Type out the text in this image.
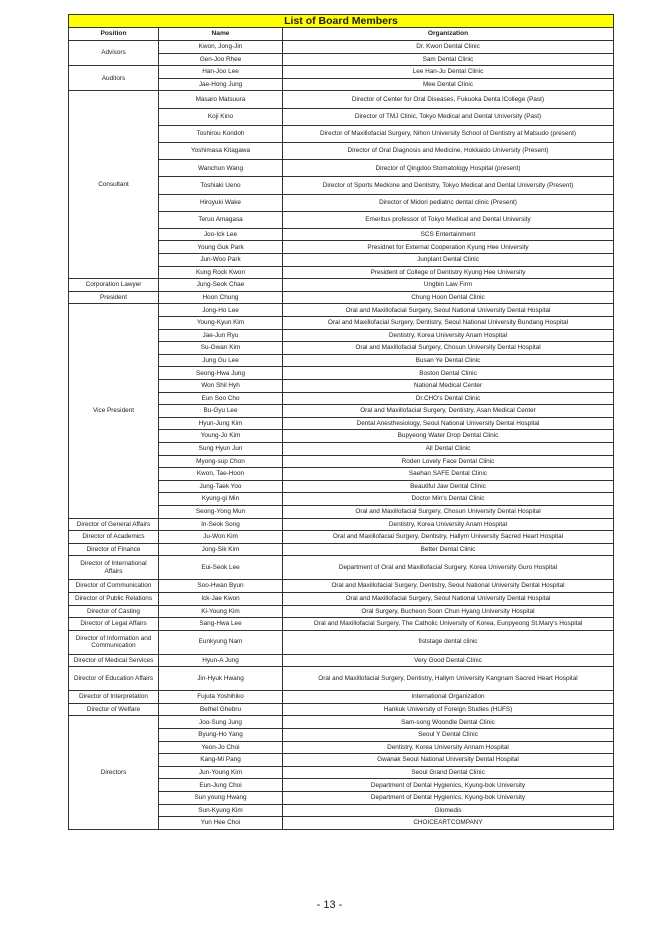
List of Board Members		
Position	Name	Organization
Advisors	Kwon, Jong-Jin	Dr. Kwon Dental Clinic
	Gen-Joo Rhee	Sam Dental Clinic
Auditors	Han-Joo Lee	Lee Han-Ju Dental Clinic
	Jae-Hong Jung	Mee Dental Clinic
Consultant	Masaro Matsuura	Director of Center for Oral Diseases, Fukuoka Denta lCollege (Past)
	Koji Kino	Director of TMJ Clinic, Tokyo Medical and Dental University (Past)
	Toshirou Kondoh	Director of Maxillofacial Surgery, Nihon University School of Dentistry at Matsudo (present)
	Yoshimasa Kitagawa	Director of Oral Diagnosis and Medicine, Hokkaido University (Present)
	Wanchun Wang	Director of Qingdoo Stomatology Hospital (present)
	Toshiaki Ueno	Director of Sports Medicine and Dentistry, Tokyo Medical and Dental University (Present)
	Hiroyuki Wake	Director of Midori pediatric dental clinic (Present)
	Teruo Amagasa	Emeritus professor of Tokyo Medical and Dental University
	Joo-Ick Lee	SCS Entertainment
	Young Guk Park	Presidnet for External Cooperation Kyung Hee University
	Jun-Woo Park	Junplant Dental Clinic
	Kung Rock Kwon	President of College of Dentistry Kyung Hee University
Corporation Lawyer	Jung-Seok Chae	Ungbin Law Firm
President	Hoon Chung	Chung Hoon Dental Clinic
Vice President	Jong-Ho Lee	Oral and Maxillofacial Surgery, Seoul National University Dental Hospital
	Young-Kyun Kim	Oral and Maxillofacial Surgery, Dentistry, Seoul National University Bundang Hospital
	Jae-Jun Ryu	Dentistry, Korea University Anam Hospital
	Su-Gwan Kim	Oral and Maxillofacial Surgery, Chosun University Dental Hospital
	Jung Gu Lee	Busan Ye Dental Clinic
	Seong-Hwa Jung	Boston Dental Clinic
	Won Shil Hyh	National Medical Center
	Eun Soo Cho	Dr.CHO's Dental Clinic
	Bu-Gyu Lee	Oral and Maxillofacial Surgery, Dentistry, Asan Medical Center
	Hyun-Jung Kim	Dental Anesthesiology, Seoul National University Dental Hospital
	Young-Jo Kim	Bupyeong Water Drop Dental Clinic
	Sung Hyun Jun	All Dental Clinic
	Myong-sup Chon	Roden Lovely Face Dental Clinic
	Kwon, Tae-Hoon	Saehan SAFE Dental Clinic
	Jung-Taek Yoo	Beautiful Jaw Dental Clinic
	Kyung-gi Min	Doctor Min's Dental Clinic
	Seong-Yong Mun	Oral and Maxillofacial Surgery, Chosun University Dental Hospital
Director of General Affairs	In-Seok Song	Dentistry, Korea University Anam Hospital
Director of Academics	Ju-Won Kim	Oral and Maxillofacial Surgery, Dentistry, Hallym University Sacred Heart Hospital
Director of Finance	Jong-Sik Kim	Better Dental Clinic
Director of International Affairs	Eui-Seok Lee	Department of Oral and Maxillofacial Surgery, Korea University Guro Hospital
Director of Communication	Soo-Hwan Byun	Oral and Maxillofacial Surgery, Dentistry, Seoul National University Dental Hospital
Director of Public Relations	Ick-Jae Kwon	Oral and Maxillofacial Surgery, Seoul National University Dental Hospital
Director of Casting	Ki-Young Kim	Oral Surgery, Bucheon Soon Chun Hyang University Hospital
Director of Legal Affairs	Sang-Hwa Lee	Oral and Maxillofacial Surgery, The Catholic University of Korea, Eunpyeong St.Mary's Hospital
Director of Information and Communication	Eunkyung Nam	fiststage dental clinic
Director of Medical Services	Hyun-A Jung	Very Good Dental Clinic
Director of Education Affairs	Jin-Hyuk Hwang	Oral and Maxillofacial Surgery, Dentistry, Hallym University Kangnam Sacred Heart Hospital
Director of Interpretation	Fujuta Yoshihiko	International Organization
Director of Welfare	Bethel Ghebru	Hankuk University of Foreign Studies (HUFS)
Directors	Joo-Sung Jung	Sam-song Woondle Dental Clinic
	Byung-Ho Yang	Seoul Y Dental Clinic
	Yeon-Jo Choi	Dentistry, Korea University Annam Hospital
	Kang-Mi Pang	Gwanak Seoul National University Dental Hospital
	Jun-Young Kim	Seoul Grand Dental Clinic
	Eun-Jung Choi	Department of Dental Hygienics, Kyung-bok University
	Sun young Hwang	Department of Dental Hygienics, Kyung-bok University
	Sun-Kyung Kim	Glomedis
	Yun Hee Choi	CHOICEARTCOMPANY
- 13 -
